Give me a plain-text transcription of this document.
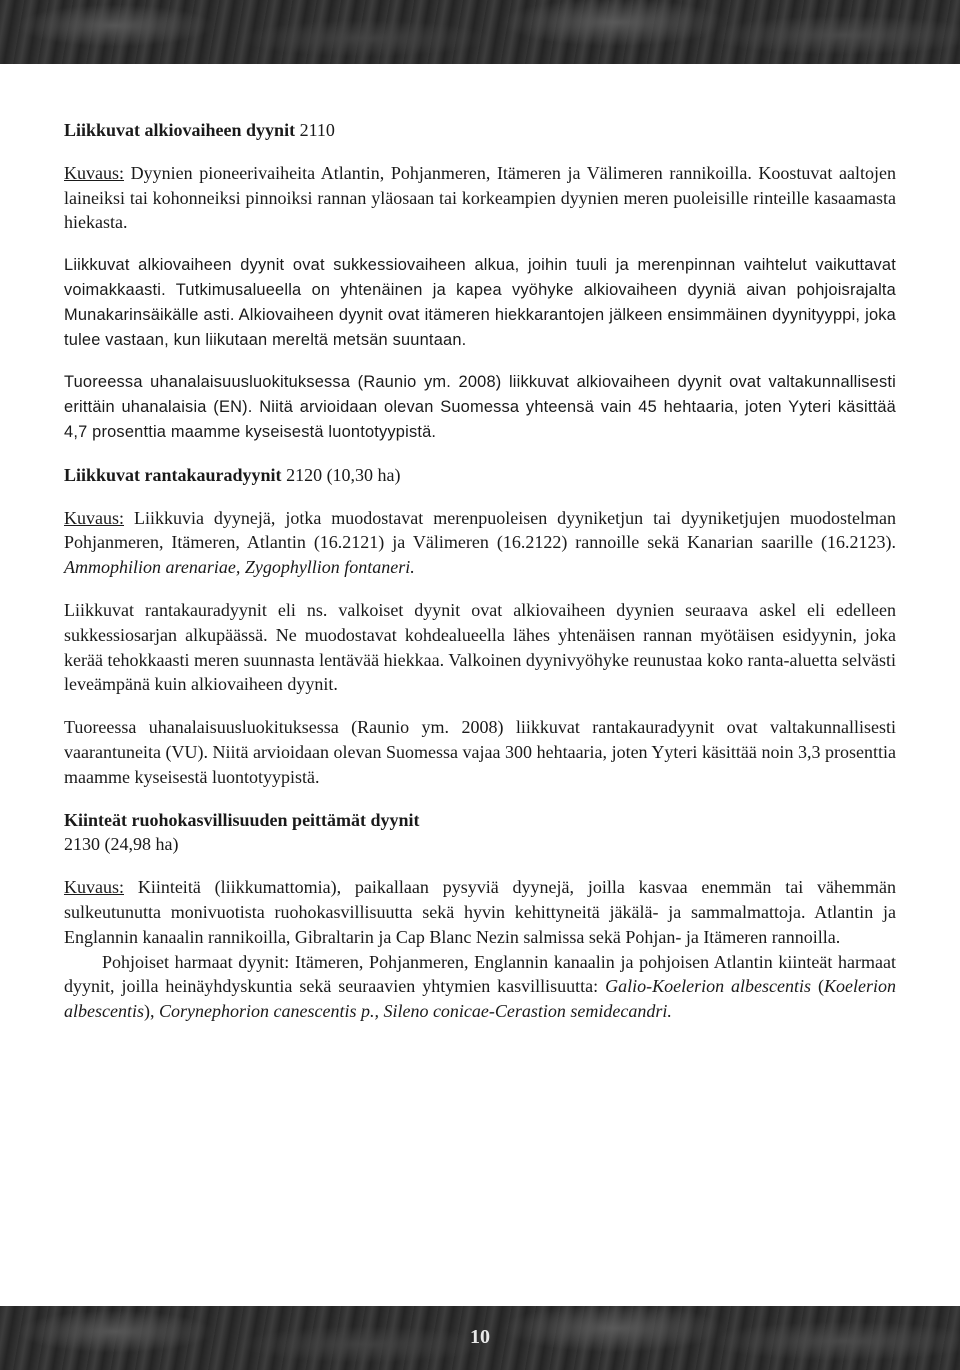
Liikkuvat alkiovaiheen dyynit 2110

Kuvaus: Dyynien pioneerivaiheita Atlantin, Pohjanmeren, Itämeren ja Välimeren rannikoilla. Koostuvat aaltojen laineiksi tai kohonneiksi pinnoiksi rannan yläosaan tai korkeampien dyynien meren puoleisille rinteille kasaamasta hiekasta.

Liikkuvat alkiovaiheen dyynit ovat sukkessiovaiheen alkua, joihin tuuli ja merenpinnan vaihtelut vaikuttavat voimakkaasti. Tutkimusalueella on yhtenäinen ja kapea vyöhyke alkiovaiheen dyyniä aivan pohjoisrajalta Munakarinsäikälle asti. Alkiovaiheen dyynit ovat itämeren hiekkarantojen jälkeen ensimmäinen dyynityyppi, joka tulee vastaan, kun liikutaan mereltä metsän suuntaan.

Tuoreessa uhanalaisuusluokituksessa (Raunio ym. 2008) liikkuvat alkiovaiheen dyynit ovat valtakunnallisesti erittäin uhanalaisia (EN). Niitä arvioidaan olevan Suomessa yhteensä vain 45 hehtaaria, joten Yyteri käsittää 4,7 prosenttia maamme kyseisestä luontotyypistä.

Liikkuvat rantakauradyynit 2120 (10,30 ha)

Kuvaus: Liikkuvia dyynejä, jotka muodostavat merenpuoleisen dyyniketjun tai dyyniketjujen muodostelman Pohjanmeren, Itämeren, Atlantin (16.2121) ja Välimeren (16.2122) rannoille sekä Kanarian saarille (16.2123). Ammophilion arenariae, Zygophyllion fontaneri.

Liikkuvat rantakauradyynit eli ns. valkoiset dyynit ovat alkiovaiheen dyynien seuraava askel eli edelleen sukkessiosarjan alkupäässä. Ne muodostavat kohdealueella lähes yhtenäisen rannan myötäisen esidyynin, joka kerää tehokkaasti meren suunnasta lentävää hiekkaa. Valkoinen dyynivyöhyke reunustaa koko ranta-aluetta selvästi leveämpänä kuin alkiovaiheen dyynit.

Tuoreessa uhanalaisuusluokituksessa (Raunio ym. 2008) liikkuvat rantakauradyynit ovat valtakunnallisesti vaarantuneita (VU). Niitä arvioidaan olevan Suomessa vajaa 300 hehtaaria, joten Yyteri käsittää noin 3,3 prosenttia maamme kyseisestä luontotyypistä.

Kiinteät ruohokasvillisuuden peittämät dyynit

2130 (24,98 ha)

Kuvaus: Kiinteitä (liikkumattomia), paikallaan pysyviä dyynejä, joilla kasvaa enemmän tai vähemmän sulkeutunutta monivuotista ruohokasvillisuutta sekä hyvin kehittyneitä jäkälä- ja sammalmattoja. Atlantin ja Englannin kanaalin rannikoilla, Gibraltarin ja Cap Blanc Nezin salmissa sekä Pohjan- ja Itämeren rannoilla.

Pohjoiset harmaat dyynit: Itämeren, Pohjanmeren, Englannin kanaalin ja pohjoisen Atlantin kiinteät harmaat dyynit, joilla heinäyhdyskuntia sekä seuraavien yhtymien kasvillisuutta: Galio-Koelerion albescentis (Koelerion albescentis), Corynephorion canescentis p., Sileno conicae-Cerastion semidecandri.

10
